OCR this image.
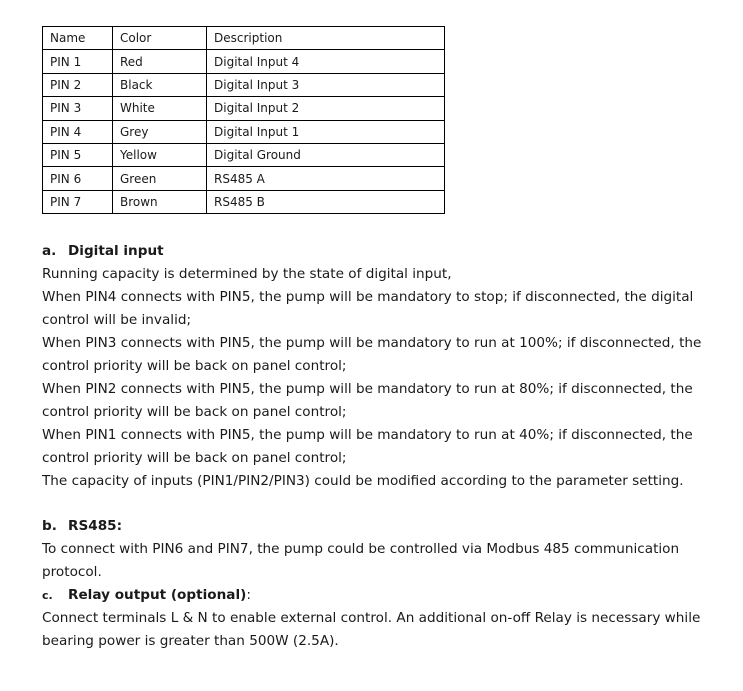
Name	Color	Description
PIN 1	Red	Digital Input 4
PIN 2	Black	Digital Input 3
PIN 3	White	Digital Input 2
PIN 4	Grey	Digital Input 1
PIN 5	Yellow	Digital Ground
PIN 6	Green	RS485 A
PIN 7	Brown	RS485 B

a. Digital input

Running capacity is determined by the state of digital input,

When PIN4 connects with PIN5, the pump will be mandatory to stop; if disconnected, the digital control will be invalid;

When PIN3 connects with PIN5, the pump will be mandatory to run at 100%; if disconnected, the control priority will be back on panel control;

When PIN2 connects with PIN5, the pump will be mandatory to run at 80%; if disconnected, the control priority will be back on panel control;

When PIN1 connects with PIN5, the pump will be mandatory to run at 40%; if disconnected, the control priority will be back on panel control;

The capacity of inputs (PIN1/PIN2/PIN3) could be modified according to the parameter setting.

b. RS485:

To connect with PIN6 and PIN7, the pump could be controlled via Modbus 485 communication protocol.

c. Relay output (optional):

Connect terminals L & N to enable external control. An additional on-off Relay is necessary while bearing power is greater than 500W (2.5A).
